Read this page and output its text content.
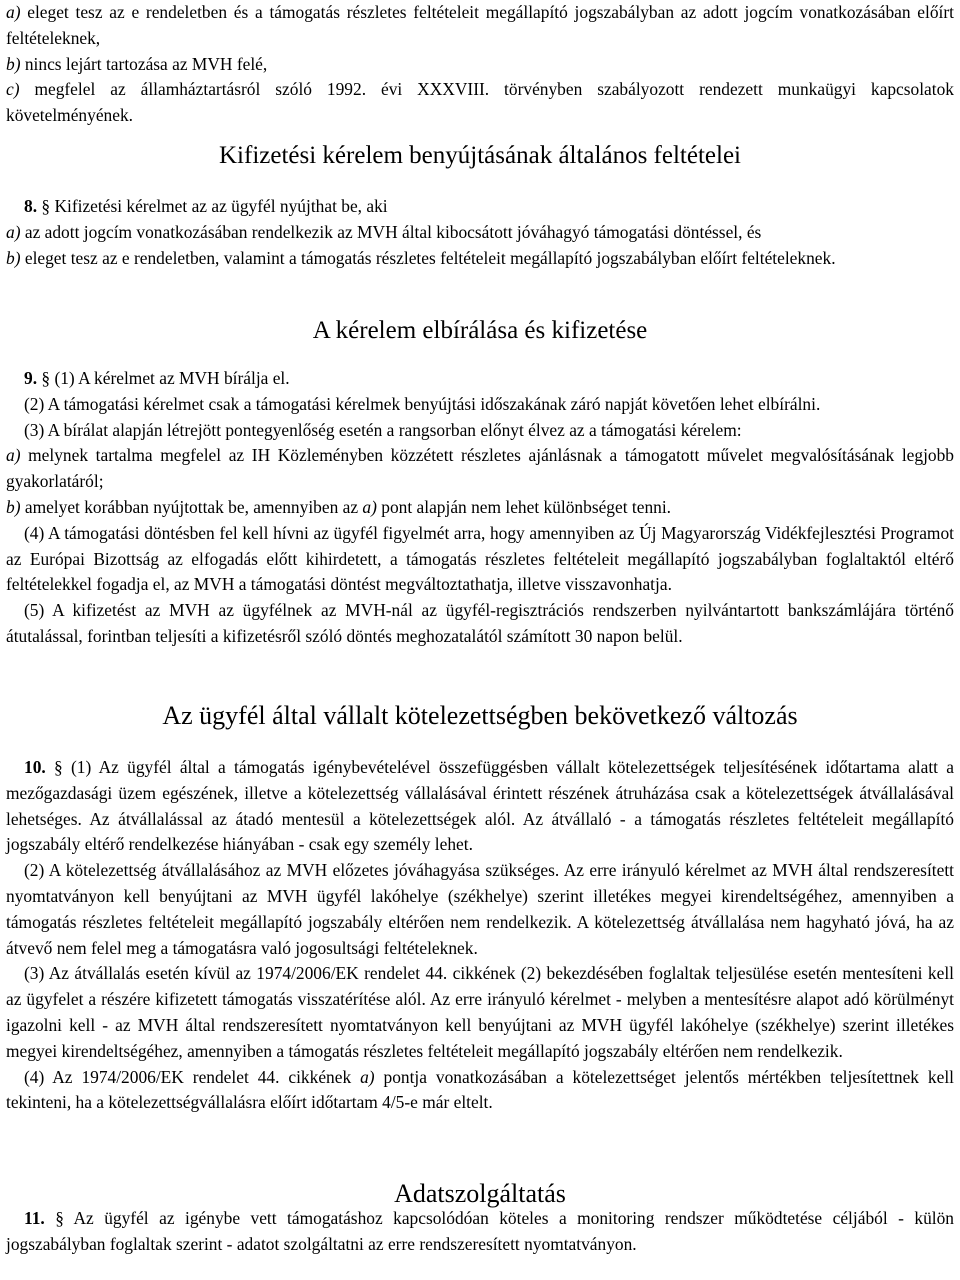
a) eleget tesz az e rendeletben és a támogatás részletes feltételeit megállapító jogszabályban az adott jogcím vonatkozásában előírt feltételeknek,

b) nincs lejárt tartozása az MVH felé,

c) megfelel az államháztartásról szóló 1992. évi XXXVIII. törvényben szabályozott rendezett munkaügyi kapcsolatok követelményének.

Kifizetési kérelem benyújtásának általános feltételei

8. § Kifizetési kérelmet az az ügyfél nyújthat be, aki

a) az adott jogcím vonatkozásában rendelkezik az MVH által kibocsátott jóváhagyó támogatási döntéssel, és

b) eleget tesz az e rendeletben, valamint a támogatás részletes feltételeit megállapító jogszabályban előírt feltételeknek.

A kérelem elbírálása és kifizetése

9. § (1) A kérelmet az MVH bírálja el.

(2) A támogatási kérelmet csak a támogatási kérelmek benyújtási időszakának záró napját követően lehet elbírálni.

(3) A bírálat alapján létrejött pontegyenlőség esetén a rangsorban előnyt élvez az a támogatási kérelem:

a) melynek tartalma megfelel az IH Közleményben közzétett részletes ajánlásnak a támogatott művelet megvalósításának legjobb gyakorlatáról;

b) amelyet korábban nyújtottak be, amennyiben az a) pont alapján nem lehet különbséget tenni.

(4) A támogatási döntésben fel kell hívni az ügyfél figyelmét arra, hogy amennyiben az Új Magyarország Vidékfejlesztési Programot az Európai Bizottság az elfogadás előtt kihirdetett, a támogatás részletes feltételeit megállapító jogszabályban foglaltaktól eltérő feltételekkel fogadja el, az MVH a támogatási döntést megváltoztathatja, illetve visszavonhatja.

(5) A kifizetést az MVH az ügyfélnek az MVH-nál az ügyfél-regisztrációs rendszerben nyilvántartott bankszámlájára történő átutalással, forintban teljesíti a kifizetésről szóló döntés meghozatalától számított 30 napon belül.

Az ügyfél által vállalt kötelezettségben bekövetkező változás

10. § (1) Az ügyfél által a támogatás igénybevételével összefüggésben vállalt kötelezettségek teljesítésének időtartama alatt a mezőgazdasági üzem egészének, illetve a kötelezettség vállalásával érintett részének átruházása csak a kötelezettségek átvállalásával lehetséges. Az átvállalással az átadó mentesül a kötelezettségek alól. Az átvállaló - a támogatás részletes feltételeit megállapító jogszabály eltérő rendelkezése hiányában - csak egy személy lehet.

(2) A kötelezettség átvállalásához az MVH előzetes jóváhagyása szükséges. Az erre irányuló kérelmet az MVH által rendszeresített nyomtatványon kell benyújtani az MVH ügyfél lakóhelye (székhelye) szerint illetékes megyei kirendeltségéhez, amennyiben a támogatás részletes feltételeit megállapító jogszabály eltérően nem rendelkezik. A kötelezettség átvállalása nem hagyható jóvá, ha az átvevő nem felel meg a támogatásra való jogosultsági feltételeknek.

(3) Az átvállalás esetén kívül az 1974/2006/EK rendelet 44. cikkének (2) bekezdésében foglaltak teljesülése esetén mentesíteni kell az ügyfelet a részére kifizetett támogatás visszatérítése alól. Az erre irányuló kérelmet - melyben a mentesítésre alapot adó körülményt igazolni kell - az MVH által rendszeresített nyomtatványon kell benyújtani az MVH ügyfél lakóhelye (székhelye) szerint illetékes megyei kirendeltségéhez, amennyiben a támogatás részletes feltételeit megállapító jogszabály eltérően nem rendelkezik.

(4) Az 1974/2006/EK rendelet 44. cikkének a) pontja vonatkozásában a kötelezettséget jelentős mértékben teljesítettnek kell tekinteni, ha a kötelezettségvállalásra előírt időtartam 4/5-e már eltelt.

Adatszolgáltatás

11. § Az ügyfél az igénybe vett támogatáshoz kapcsolódóan köteles a monitoring rendszer működtetése céljából - külön jogszabályban foglaltak szerint - adatot szolgáltatni az erre rendszeresített nyomtatványon.
